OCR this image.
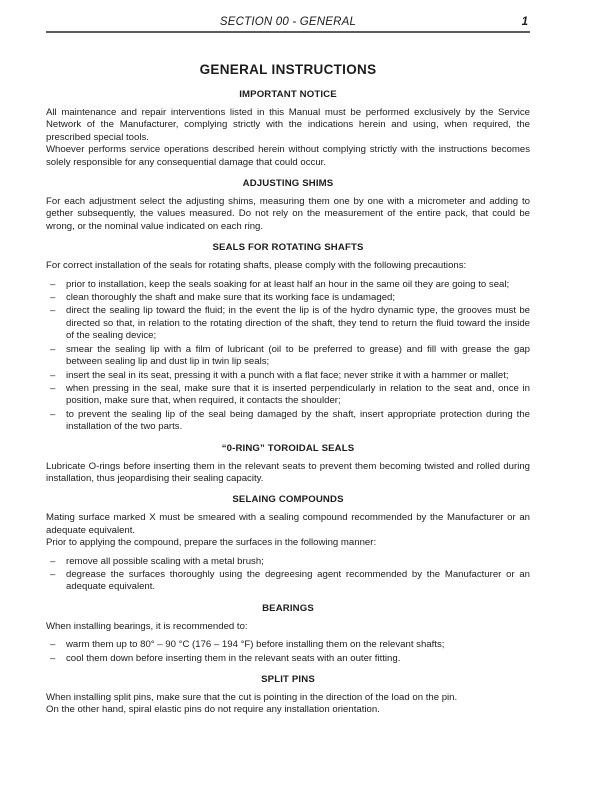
SECTION 00 - GENERAL	1
GENERAL INSTRUCTIONS
IMPORTANT NOTICE

All maintenance and repair interventions listed in this Manual must be performed exclusively by the Service Network of the Manufacturer, complying strictly with the indications herein and using, when required, the prescribed special tools.

Whoever performs service operations described herein without complying strictly with the instructions becomes solely responsible for any consequential damage that could occur.

ADJUSTING SHIMS

For each adjustment select the adjusting shims, measuring them one by one with a micrometer and adding to gether subsequently, the values measured. Do not rely on the measurement of the entire pack, that could be wrong, or the nominal value indicated on each ring.

SEALS FOR ROTATING SHAFTS

For correct installation of the seals for rotating shafts, please comply with the following precautions:

– prior to installation, keep the seals soaking for at least half an hour in the same oil they are going to seal;
– clean thoroughly the shaft and make sure that its working face is undamaged;
– direct the sealing lip toward the fluid; in the event the lip is of the hydro dynamic type, the grooves must be directed so that, in relation to the rotating direction of the shaft, they tend to return the fluid toward the inside of the sealing device;
– smear the sealing lip with a film of lubricant (oil to be preferred to grease) and fill with grease the gap between sealing lip and dust lip in twin lip seals;
– insert the seal in its seat, pressing it with a punch with a flat face; never strike it with a hammer or mallet;
– when pressing in the seal, make sure that it is inserted perpendicularly in relation to the seat and, once in position, make sure that, when required, it contacts the shoulder;
– to prevent the sealing lip of the seal being damaged by the shaft, insert appropriate protection during the installation of the two parts.
“0-RING” TOROIDAL SEALS

Lubricate O-rings before inserting them in the relevant seats to prevent them becoming twisted and rolled during installation, thus jeopardising their sealing capacity.

SELAING COMPOUNDS

Mating surface marked X must be smeared with a sealing compound recommended by the Manufacturer or an adequate equivalent.

Prior to applying the compound, prepare the surfaces in the following manner:

– remove all possible scaling with a metal brush;
– degrease the surfaces thoroughly using the degreesing agent recommended by the Manufacturer or an adequate equivalent.
BEARINGS

When installing bearings, it is recommended to:

– warm them up to 80° – 90 °C (176 – 194 °F) before installing them on the relevant shafts;
– cool them down before inserting them in the relevant seats with an outer fitting.
SPLIT PINS

When installing split pins, make sure that the cut is pointing in the direction of the load on the pin.

On the other hand, spiral elastic pins do not require any installation orientation.
